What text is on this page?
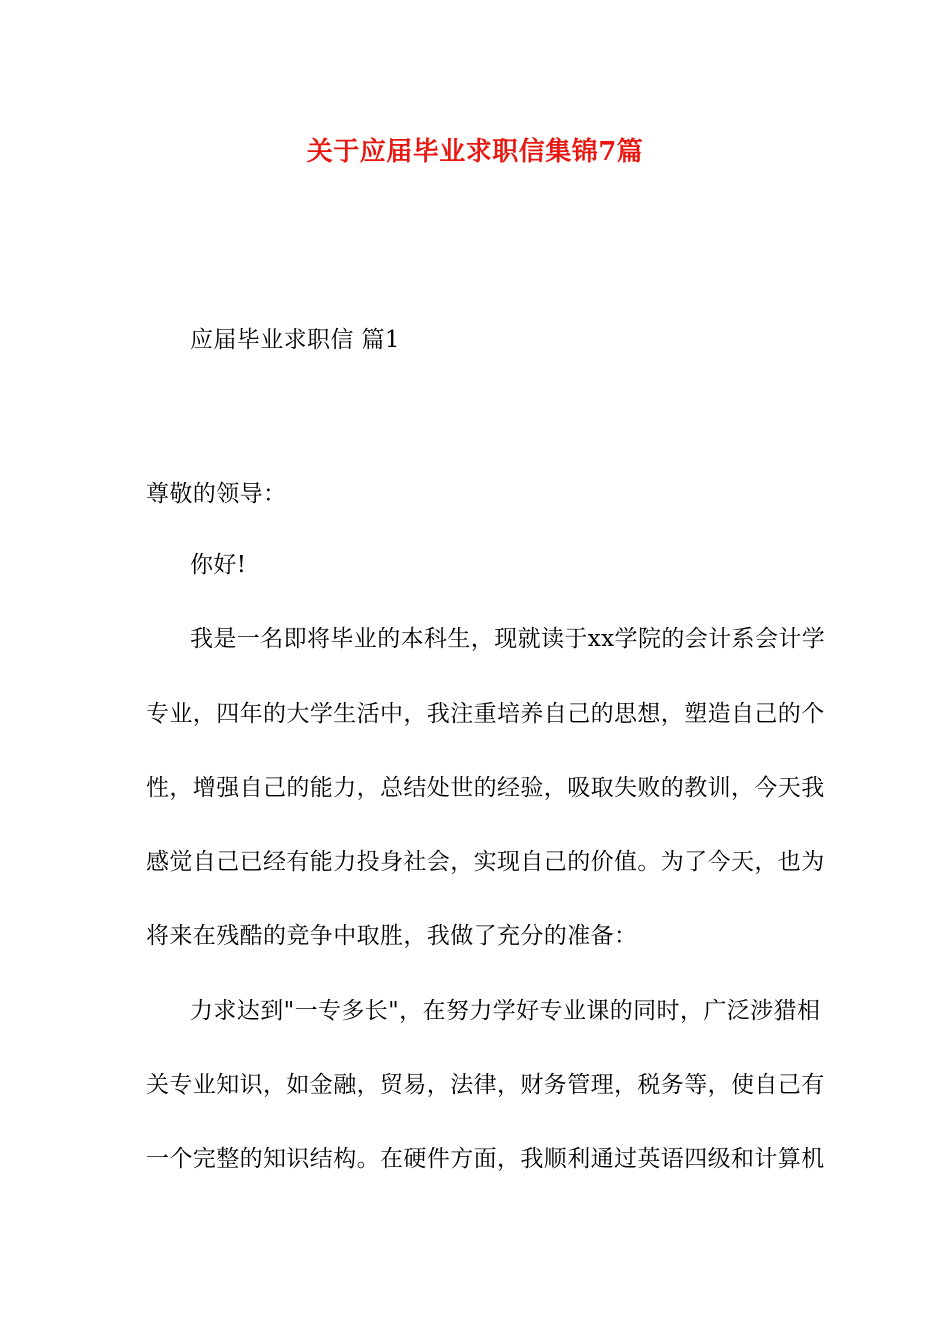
关于应届毕业求职信集锦7篇
应届毕业求职信 篇1
尊敬的领导：
你好!
我是一名即将毕业的本科生，现就读于xx学院的会计系会计学
专业，四年的大学生活中，我注重培养自己的思想，塑造自己的个
性，增强自己的能力，总结处世的经验，吸取失败的教训，今天我
感觉自己已经有能力投身社会，实现自己的价值。为了今天，也为
将来在残酷的竞争中取胜，我做了充分的准备：
力求达到"一专多长"，在努力学好专业课的同时，广泛涉猎相
关专业知识，如金融，贸易，法律，财务管理，税务等，使自己有
一个完整的知识结构。在硬件方面，我顺利通过英语四级和计算机
